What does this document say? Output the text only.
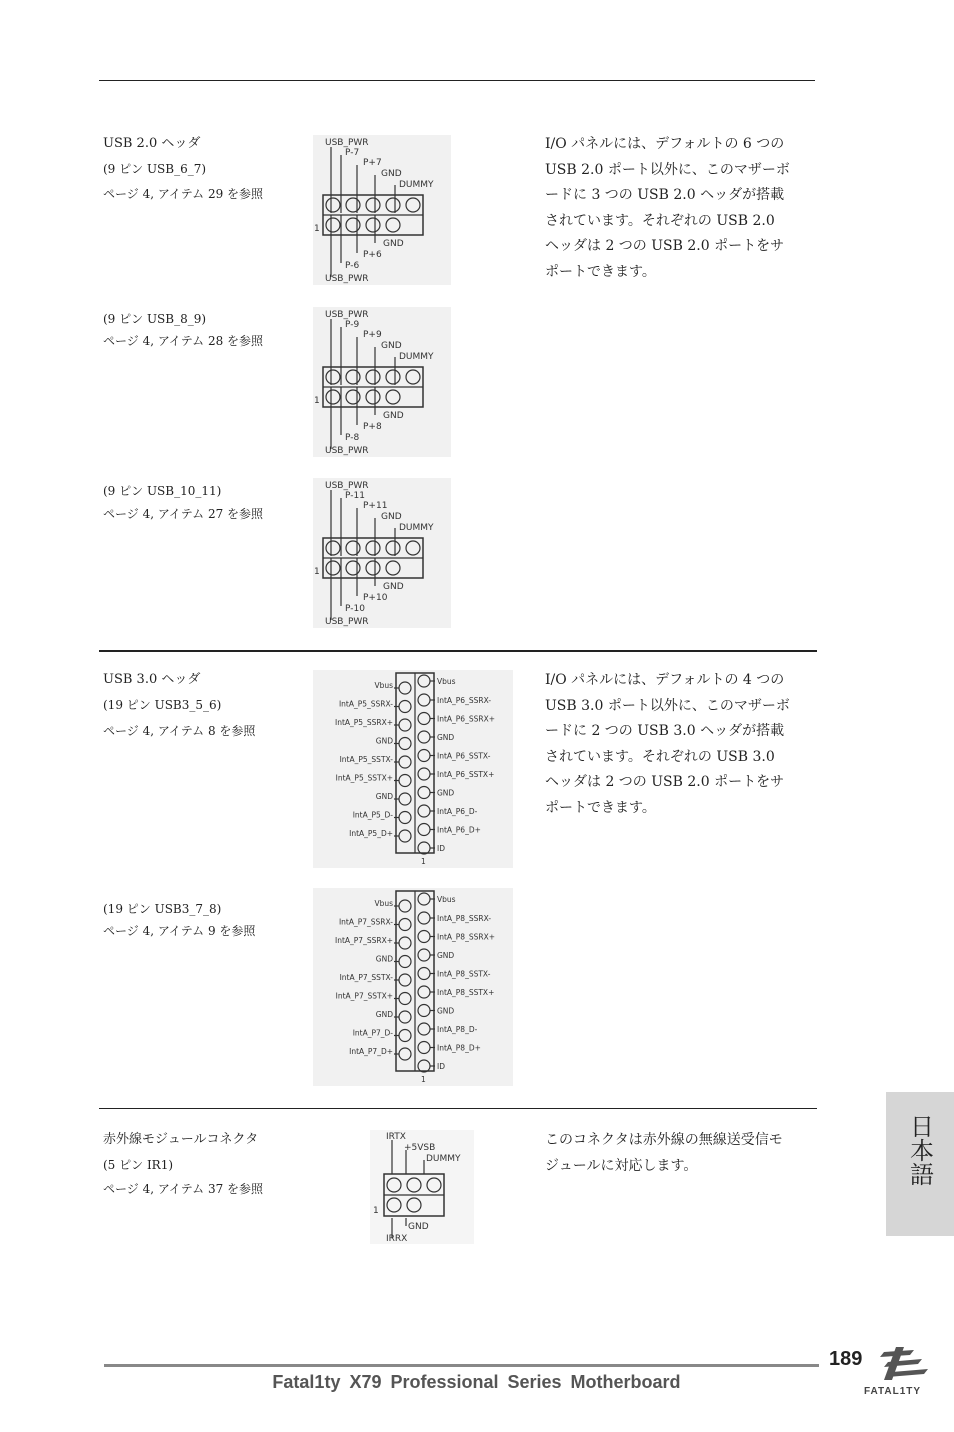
USB 2.0 ヘッダ
(9 ピン USB_6_7)
ページ 4, アイテム 29 を参照
(9 ピン USB_8_9)
ページ 4, アイテム 28 を参照
(9 ピン USB_10_11)
ページ 4, アイテム 27 を参照
I/O パネルには、デフォルトの 6 つの
USB 2.0 ポート以外に、このマザーボ
ードに 3 つの USB 2.0 ヘッダが搭載
されています。それぞれの USB 2.0
ヘッダは 2 つの USB 2.0 ポートをサ
ポートできます。
USB_PWR
P-7
P+7
GND
DUMMY
1
GND
P+6
P-6
USB_PWR
USB_PWR
P-9
P+9
GND
DUMMY
1
GND
P+8
P-8
USB_PWR
USB_PWR
P-11
P+11
GND
DUMMY
1
GND
P+10
P-10
USB_PWR
USB 3.0 ヘッダ
(19 ピン USB3_5_6)
ページ 4, アイテム 8 を参照
(19 ピン USB3_7_8)
ページ 4, アイテム 9 を参照
I/O パネルには、デフォルトの 4 つの
USB 3.0 ポート以外に、このマザーボ
ードに 2 つの USB 3.0 ヘッダが搭載
されています。それぞれの USB 3.0
ヘッダは 2 つの USB 2.0 ポートをサ
ポートできます。
Vbus
Vbus
IntA_P5_SSRX-
IntA_P5_SSRX+
GND
IntA_P5_SSTX-
IntA_P5_SSTX+
GND
IntA_P5_D-
IntA_P5_D+
IntA_P6_SSRX-
IntA_P6_SSRX+
GND
IntA_P6_SSTX-
IntA_P6_SSTX+
GND
IntA_P6_D-
IntA_P6_D+
ID
1
Vbus
Vbus
IntA_P7_SSRX-
IntA_P7_SSRX+
GND
IntA_P7_SSTX-
IntA_P7_SSTX+
GND
IntA_P7_D-
IntA_P7_D+
IntA_P8_SSRX-
IntA_P8_SSRX+
GND
IntA_P8_SSTX-
IntA_P8_SSTX+
GND
IntA_P8_D-
IntA_P8_D+
ID
1
赤外線モジュールコネクタ
(5 ピン IR1)
ページ 4, アイテム 37 を参照
このコネクタは赤外線の無線送受信モ
ジュールに対応します。
IRTX
+5VSB
DUMMY
1
GND
IRRX
日本語
189
Fatal1ty X79 Professional Series Motherboard	FATAL1TY
